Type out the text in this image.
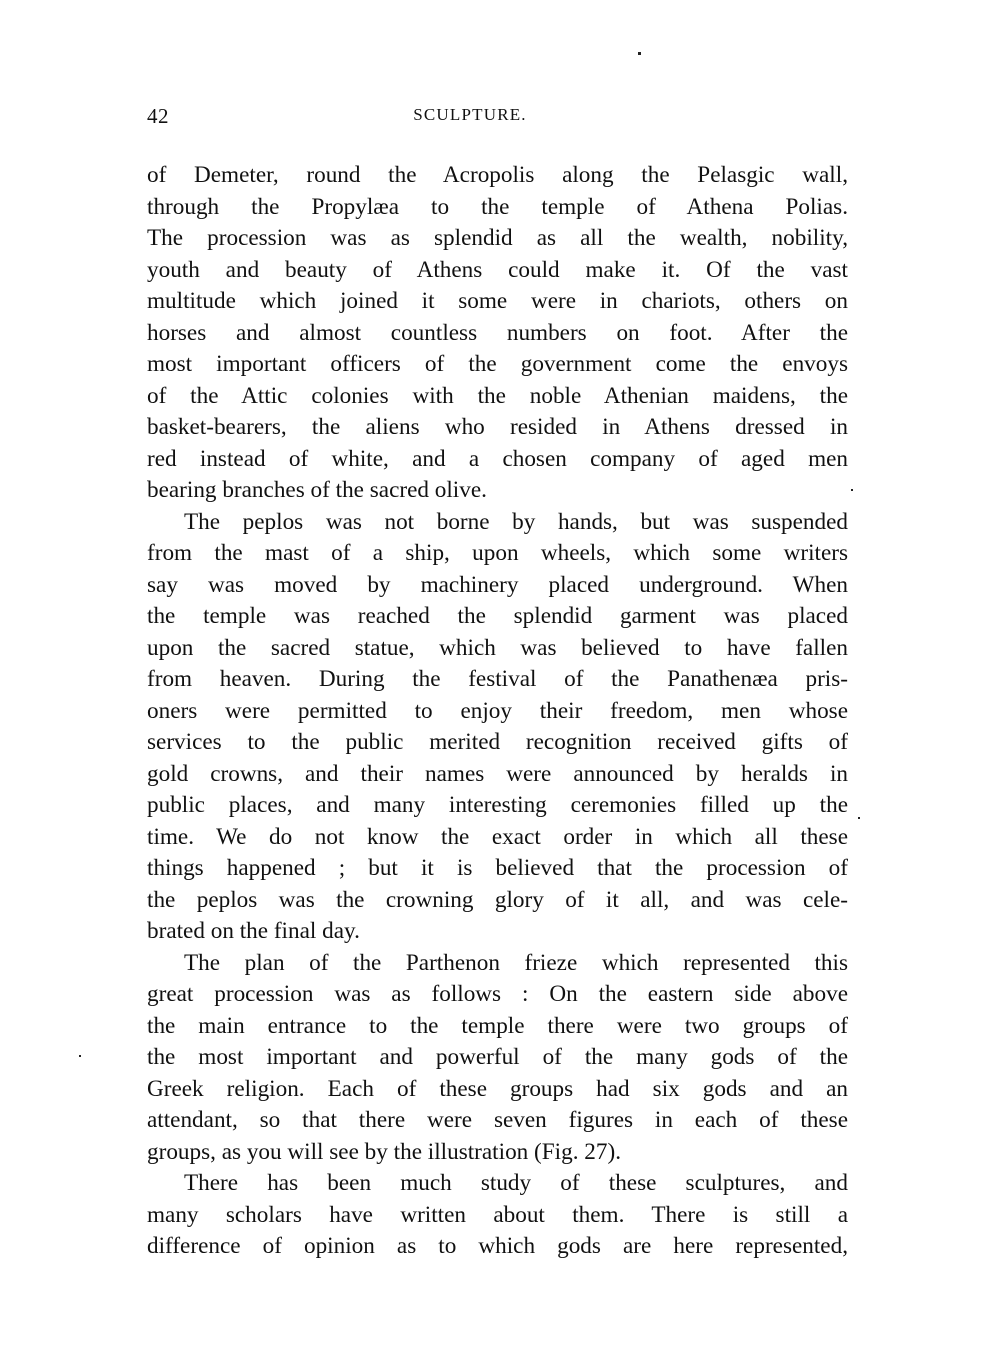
42	SCULPTURE.

of Demeter, round the Acropolis along the Pelasgic wall,
through the Propylæa to the temple of Athena Polias.
The procession was as splendid as all the wealth, nobility,
youth and beauty of Athens could make it. Of the vast
multitude which joined it some were in chariots, others on
horses and almost countless numbers on foot. After the
most important officers of the government come the envoys
of the Attic colonies with the noble Athenian maidens, the
basket-bearers, the aliens who resided in Athens dressed in
red instead of white, and a chosen company of aged men
bearing branches of the sacred olive.

The peplos was not borne by hands, but was suspended
from the mast of a ship, upon wheels, which some writers
say was moved by machinery placed underground. When
the temple was reached the splendid garment was placed
upon the sacred statue, which was believed to have fallen
from heaven. During the festival of the Panathenæa pris-
oners were permitted to enjoy their freedom, men whose
services to the public merited recognition received gifts of
gold crowns, and their names were announced by heralds in
public places, and many interesting ceremonies filled up the
time. We do not know the exact order in which all these
things happened ; but it is believed that the procession of
the peplos was the crowning glory of it all, and was cele-
brated on the final day.

The plan of the Parthenon frieze which represented this
great procession was as follows : On the eastern side above
the main entrance to the temple there were two groups of
the most important and powerful of the many gods of the
Greek religion. Each of these groups had six gods and an
attendant, so that there were seven figures in each of these
groups, as you will see by the illustration (Fig. 27).

There has been much study of these sculptures, and
many scholars have written about them. There is still a
difference of opinion as to which gods are here represented,
